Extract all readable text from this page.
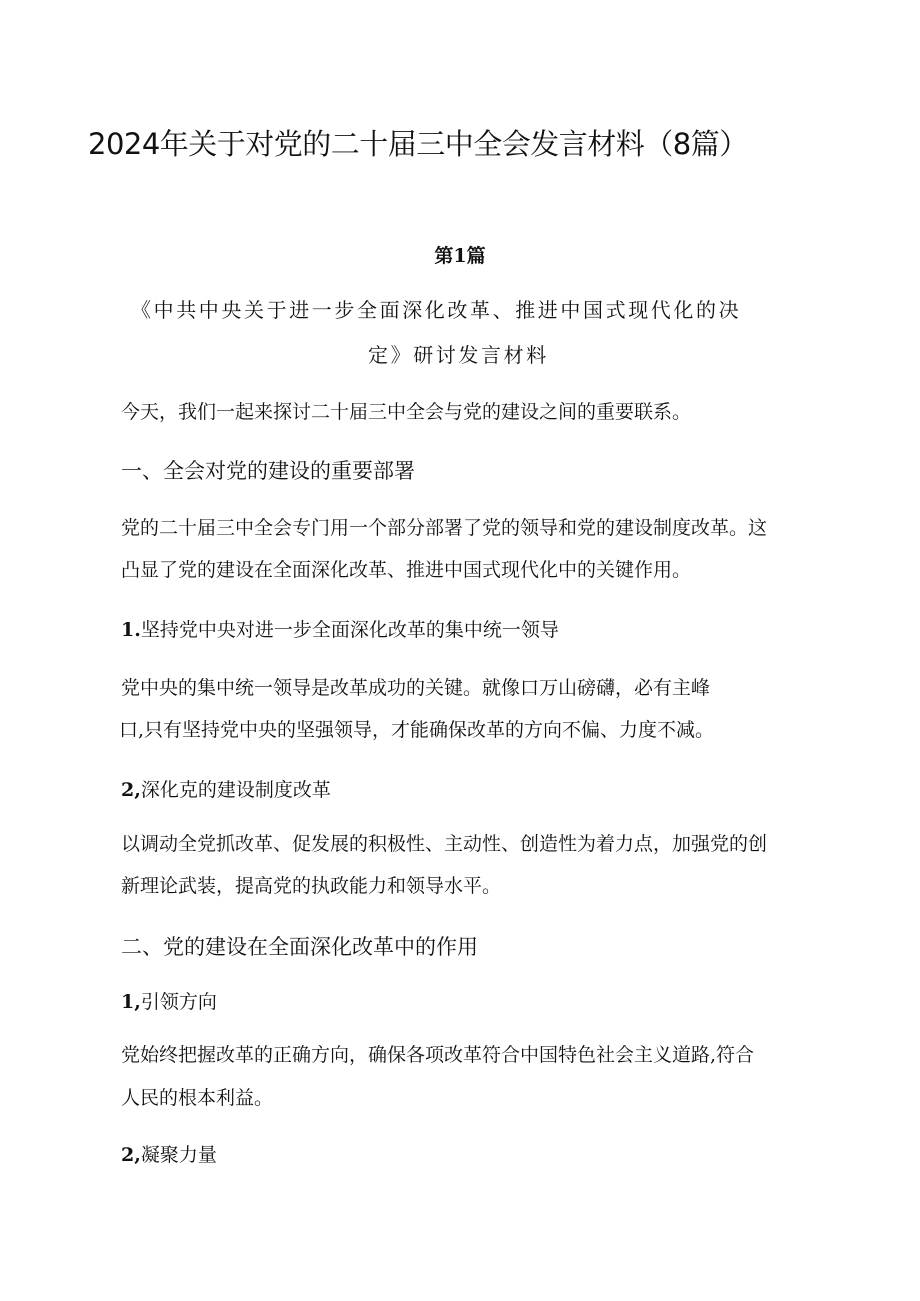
2024年关于对党的二十届三中全会发言材料（8篇）
第1篇
《中共中央关于进一步全面深化改革、推进中国式现代化的决
定》研讨发言材料
今天，我们一起来探讨二十届三中全会与党的建设之间的重要联系。
一、全会对党的建设的重要部署
党的二十届三中全会专门用一个部分部署了党的领导和党的建设制度改革。这
凸显了党的建设在全面深化改革、推进中国式现代化中的关键作用。
1.坚持党中央对进一步全面深化改革的集中统一领导
党中央的集中统一领导是改革成功的关键。就像口万山磅礴，必有主峰
口,只有坚持党中央的坚强领导，才能确保改革的方向不偏、力度不减。
2,深化克的建设制度改革
以调动全党抓改革、促发展的积极性、主动性、创造性为着力点，加强党的创
新理论武装，提高党的执政能力和领导水平。
二、党的建设在全面深化改革中的作用
1,引领方向
党始终把握改革的正确方向，确保各项改革符合中国特色社会主义道路,符合
人民的根本利益。
2,凝聚力量
